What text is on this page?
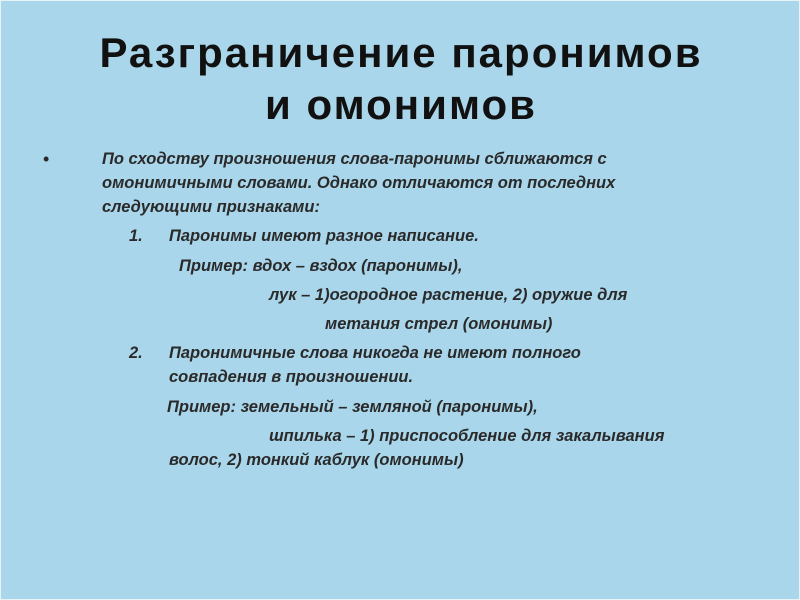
Разграничение паронимов
и омонимов
•	По сходству произношения слова-паронимы сближаются с
омонимичными словами. Однако отличаются от последних
следующими признаками:
1. Паронимы имеют разное написание.
Пример: вдох – вздох (паронимы),
лук – 1)огородное растение, 2) оружие для
метания стрел (омонимы)
2. Паронимичные слова никогда не имеют полного
совпадения в произношении.
Пример: земельный – земляной (паронимы),
шпилька – 1) приспособление для закалывания
волос, 2) тонкий каблук (омонимы)
